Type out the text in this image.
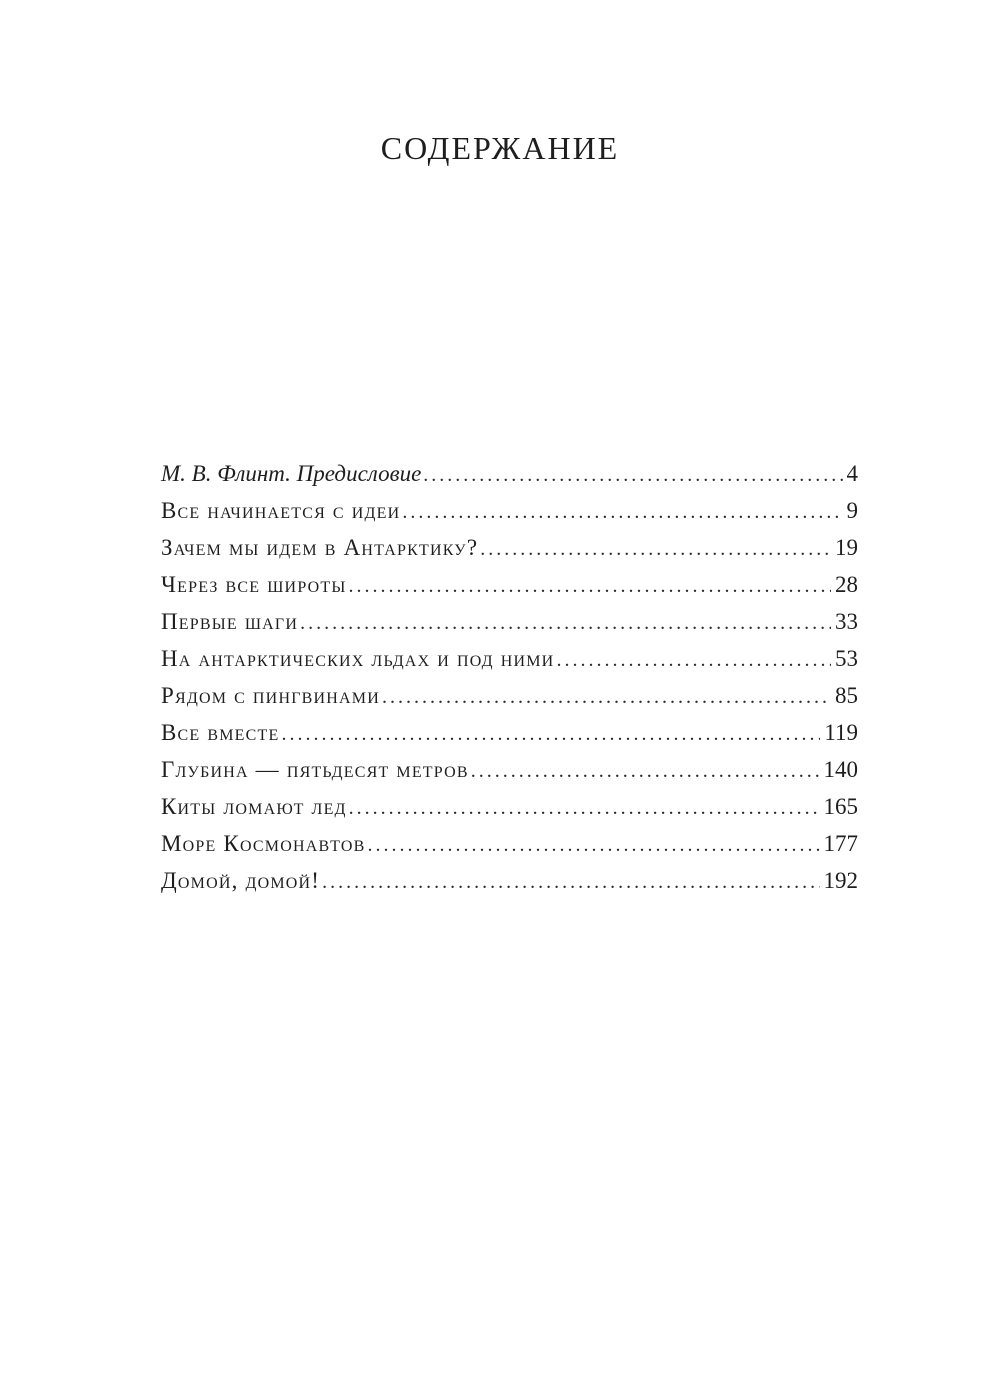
СОДЕРЖАНИЕ
М. В. Флинт. Предисловие . . .	4
Все начинается с идеи . . .	9
Зачем мы идем в Антарктику? . . .	19
Через все широты . . .	28
Первые шаги . . .	33
На антарктических льдах и под ними . . .	53
Рядом с пингвинами . . .	85
Все вместе . . .	119
Глубина — пятьдесят метров . . .	140
Киты ломают лед . . .	165
Море Космонавтов . . .	177
Домой, домой! . . .	192
